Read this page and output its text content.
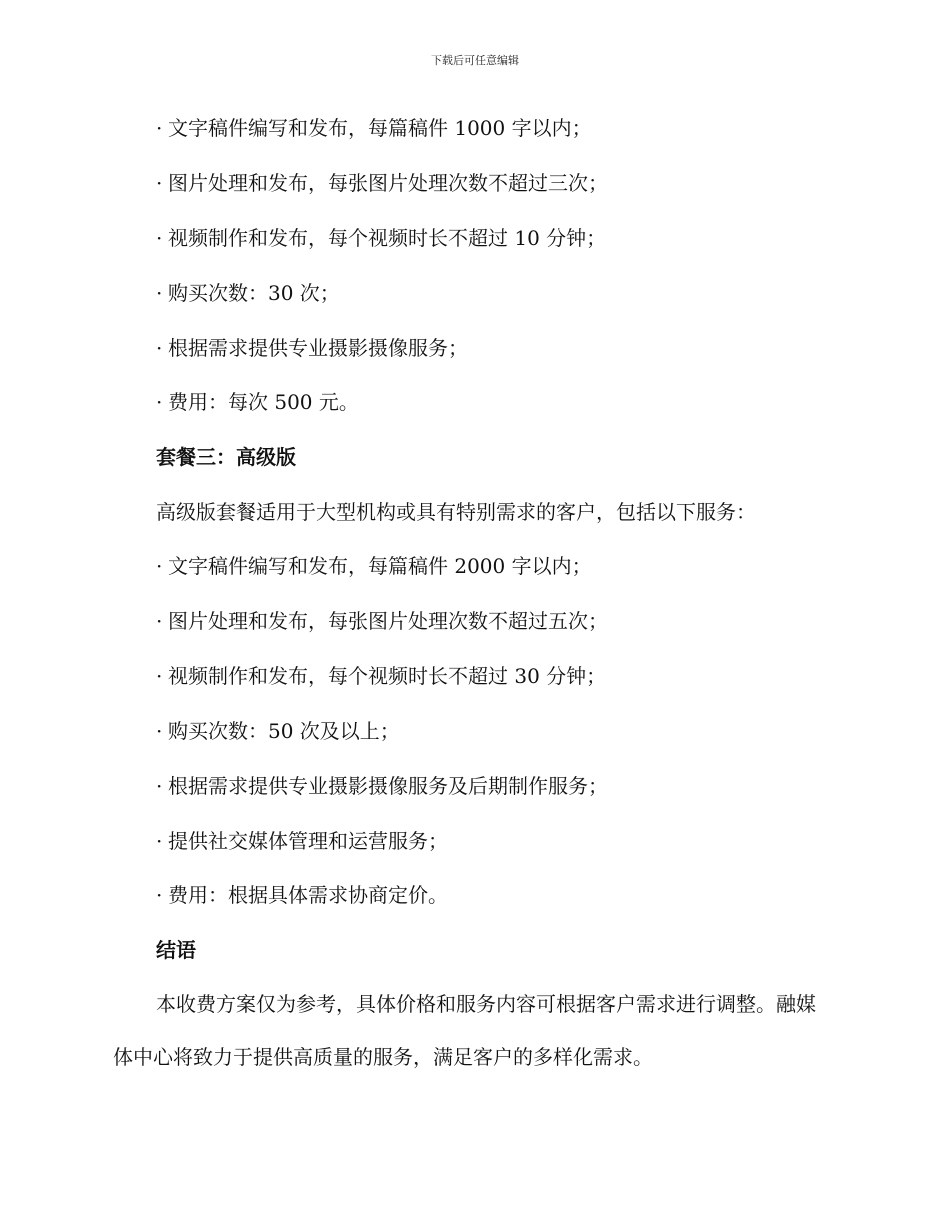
下载后可任意编辑
· 文字稿件编写和发布，每篇稿件 1000 字以内；
· 图片处理和发布，每张图片处理次数不超过三次；
· 视频制作和发布，每个视频时长不超过 10 分钟；
· 购买次数：30 次；
· 根据需求提供专业摄影摄像服务；
· 费用：每次 500 元。
套餐三：高级版
高级版套餐适用于大型机构或具有特别需求的客户，包括以下服务：
· 文字稿件编写和发布，每篇稿件 2000 字以内；
· 图片处理和发布，每张图片处理次数不超过五次；
· 视频制作和发布，每个视频时长不超过 30 分钟；
· 购买次数：50 次及以上；
· 根据需求提供专业摄影摄像服务及后期制作服务；
· 提供社交媒体管理和运营服务；
· 费用：根据具体需求协商定价。
结语
本收费方案仅为参考，具体价格和服务内容可根据客户需求进行调整。融媒体中心将致力于提供高质量的服务，满足客户的多样化需求。
